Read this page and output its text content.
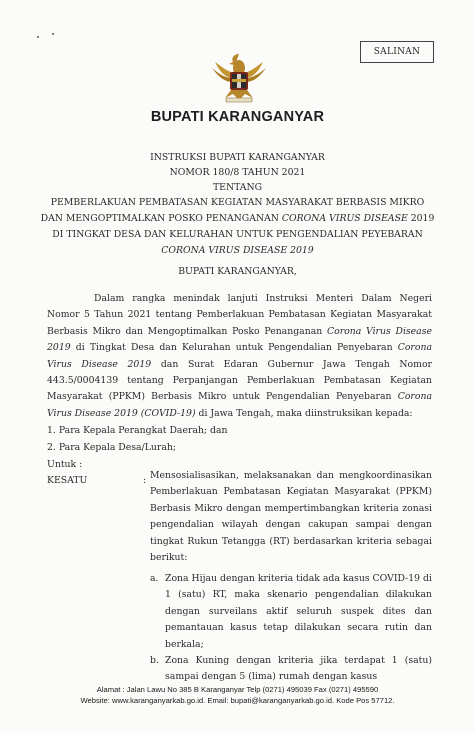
SALINAN
BUPATI KARANGANYAR
INSTRUKSI BUPATI KARANGANYAR
NOMOR 180/8 TAHUN 2021
TENTANG
PEMBERLAKUAN PEMBATASAN KEGIATAN MASYARAKAT BERBASIS MIKRO
DAN MENGOPTIMALKAN POSKO PENANGANAN CORONA VIRUS DISEASE 2019
DI TINGKAT DESA DAN KELURAHAN UNTUK PENGENDALIAN PEYEBARAN
CORONA VIRUS DISEASE 2019
BUPATI KARANGANYAR,
Dalam rangka menindak lanjuti Instruksi Menteri Dalam Negeri Nomor 5 Tahun 2021 tentang Pemberlakuan Pembatasan Kegiatan Masyarakat Berbasis Mikro dan Mengoptimalkan Posko Penanganan Corona Virus Disease 2019 di Tingkat Desa dan Kelurahan untuk Pengendalian Penyebaran Corona Virus Disease 2019 dan Surat Edaran Gubernur Jawa Tengah Nomor 443.5/0004139 tentang Perpanjangan Pemberlakuan Pembatasan Kegiatan Masyarakat (PPKM) Berbasis Mikro untuk Pengendalian Penyebaran Corona Virus Disease 2019 (COVID-19) di Jawa Tengah, maka diinstruksikan kepada:
1. Para Kepala Perangkat Daerah; dan
2. Para Kepala Desa/Lurah;
Untuk :
KESATU	: Mensosialisasikan, melaksanakan dan mengkoordinasikan Pemberlakuan Pembatasan Kegiatan Masyarakat (PPKM) Berbasis Mikro dengan mempertimbangkan kriteria zonasi pengendalian wilayah dengan cakupan sampai dengan tingkat Rukun Tetangga (RT) berdasarkan kriteria sebagai berikut:
a. Zona Hijau dengan kriteria tidak ada kasus COVID-19 di 1 (satu) RT, maka skenario pengendalian dilakukan dengan surveilans aktif seluruh suspek dites dan pemantauan kasus tetap dilakukan secara rutin dan berkala;
b. Zona Kuning dengan kriteria jika terdapat 1 (satu) sampai dengan 5 (lima) rumah dengan kasus
Alamat : Jalan Lawu No 385 B Karanganyar Telp (0271) 495039 Fax (0271) 495590
Website: www.karanganyarkab.go.id. Email: bupati@karanganyarkab.go.id. Kode Pos 57712.
